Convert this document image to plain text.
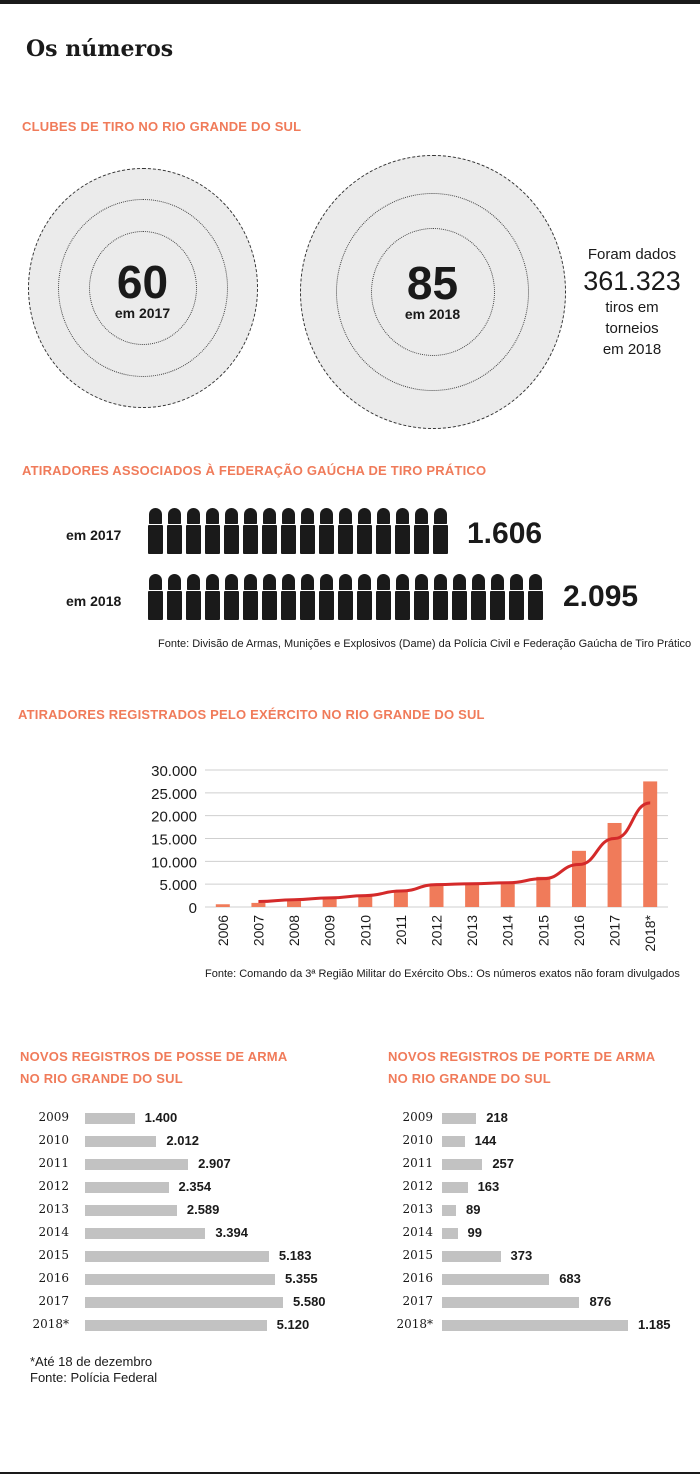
Os números
CLUBES DE TIRO NO RIO GRANDE DO SUL
60
em 2017
85
em 2018
Foram dados
361.323
tiros em
torneios
em 2018
ATIRADORES ASSOCIADOS À FEDERAÇÃO GAÚCHA DE TIRO PRÁTICO
em 2017	1.606
em 2018	2.095
Fonte: Divisão de Armas, Munições e Explosivos (Dame) da Polícia Civil e Federação Gaúcha de Tiro Prático
ATIRADORES REGISTRADOS PELO EXÉRCITO NO RIO GRANDE DO SUL
30.000
25.000
20.000
15.000
10.000
5.000
0
2006 2007 2008 2009 2010 2011 2012 2013 2014 2015 2016 2017 2018*
Fonte: Comando da 3ª Região Militar do Exército Obs.: Os números exatos não foram divulgados
NOVOS REGISTROS DE POSSE DE ARMA
NO RIO GRANDE DO SUL
NOVOS REGISTROS DE PORTE DE ARMA
NO RIO GRANDE DO SUL
2009	1.400
2010	2.012
2011	2.907
2012	2.354
2013	2.589
2014	3.394
2015	5.183
2016	5.355
2017	5.580
2018*	5.120
2009	218
2010	144
2011	257
2012	163
2013	89
2014	99
2015	373
2016	683
2017	876
2018*	1.185
*Até 18 de dezembro
Fonte: Polícia Federal
